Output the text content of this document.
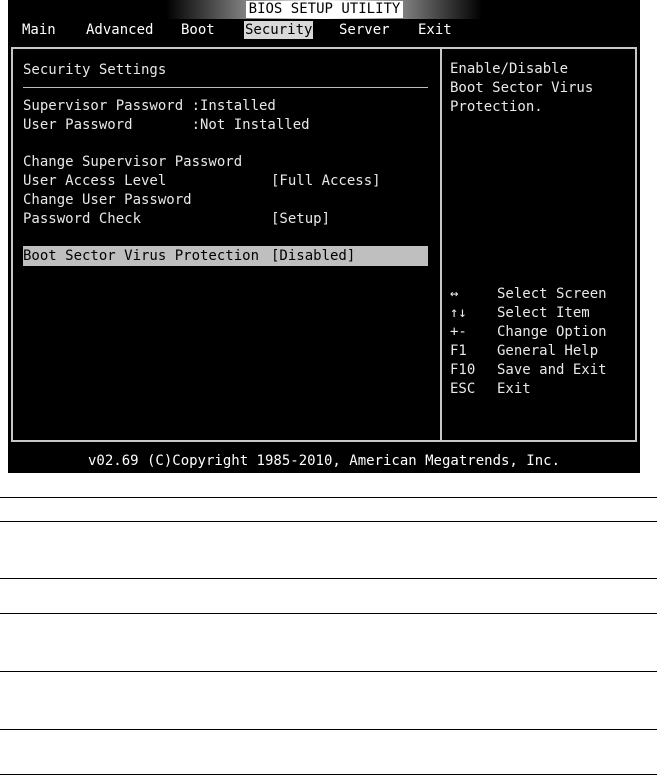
BIOS SETUP UTILITY
Main Advanced Boot Security Server Exit
Security Settings
Supervisor Password :Installed
User Password       :Not Installed
Change Supervisor Password
User Access Level	[Full Access]
Change User Password
Password Check	[Setup]
Boot Sector Virus Protection [Disabled]
Enable/Disable
Boot Sector Virus
Protection.
↔	Select Screen
↑↓ Select Item
+- Change Option
F1 General Help
F10 Save and Exit
ESC Exit
v02.69 (C)Copyright 1985-2010, American Megatrends, Inc.
